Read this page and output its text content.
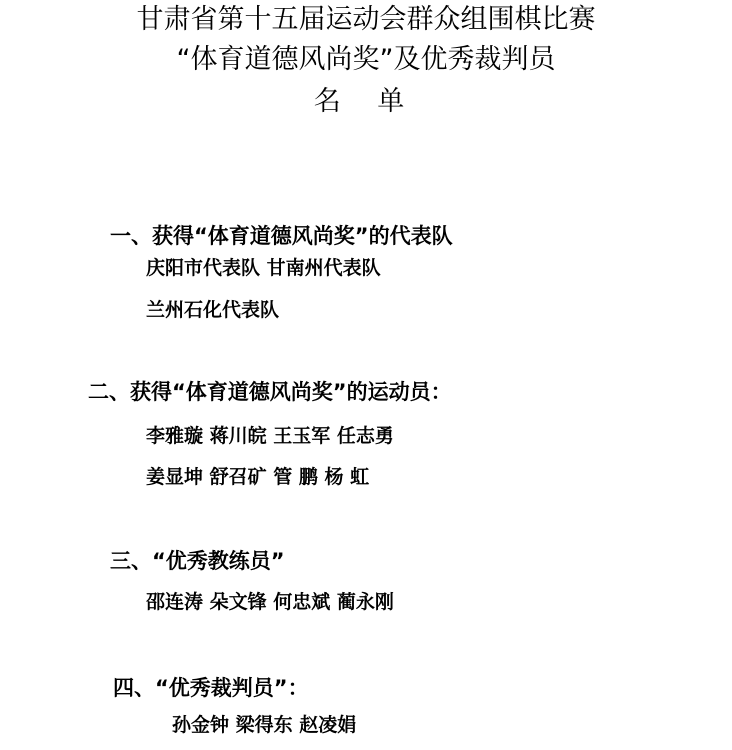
甘肃省第十五届运动会群众组围棋比赛
“体育道德风尚奖”及优秀裁判员
名 单

一、获得“体育道德风尚奖”的代表队

庆阳市代表队 甘南州代表队

兰州石化代表队

二、获得“体育道德风尚奖”的运动员：

李雅璇 蒋川皖 王玉军 任志勇

姜显坤 舒召矿 管 鹏 杨 虹

三、“优秀教练员”

邵连涛 朵文锋 何忠斌 蔺永刚

四、“优秀裁判员”：

孙金钟 梁得东 赵凌娟
